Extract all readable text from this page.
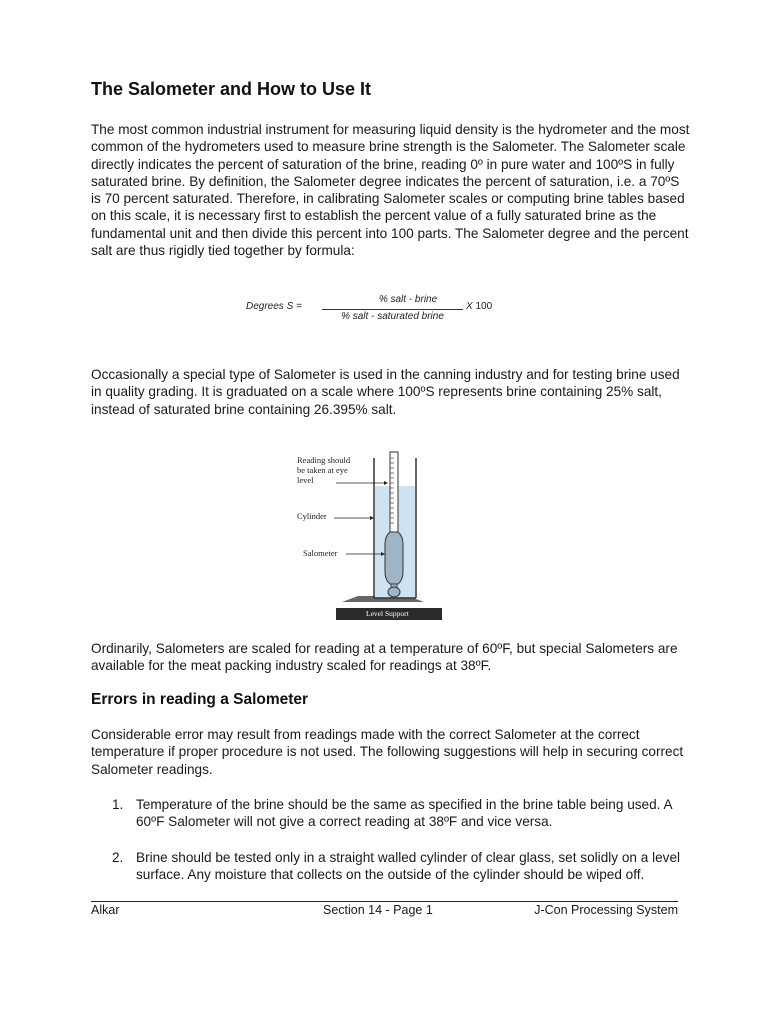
The Salometer and How to Use It

The most common industrial instrument for measuring liquid density is the hydrometer and the most common of the hydrometers used to measure brine strength is the Salometer. The Salometer scale directly indicates the percent of saturation of the brine, reading 0º in pure water and 100ºS in fully saturated brine. By definition, the Salometer degree indicates the percent of saturation, i.e. a 70ºS is 70 percent saturated. Therefore, in calibrating Salometer scales or computing brine tables based on this scale, it is necessary first to establish the percent value of a fully saturated brine as the fundamental unit and then divide this percent into 100 parts. The Salometer degree and the percent salt are thus rigidly tied together by formula:

Degrees S =
% salt - brine
% salt - saturated brine
X 100

Occasionally a special type of Salometer is used in the canning industry and for testing brine used in quality grading. It is graduated on a scale where 100ºS represents brine containing 25% salt, instead of saturated brine containing 26.395% salt.

Reading should be taken at eye level
Cylinder
Salometer
Level Support

Ordinarily, Salometers are scaled for reading at a temperature of 60ºF, but special Salometers are available for the meat packing industry scaled for readings at 38ºF.

Errors in reading a Salometer

Considerable error may result from readings made with the correct Salometer at the correct temperature if proper procedure is not used. The following suggestions will help in securing correct Salometer readings.

1. Temperature of the brine should be the same as specified in the brine table being used. A 60ºF Salometer will not give a correct reading at 38ºF and vice versa.
2. Brine should be tested only in a straight walled cylinder of clear glass, set solidly on a level surface. Any moisture that collects on the outside of the cylinder should be wiped off.
Alkar	Section 14 - Page 1	J-Con Processing System
